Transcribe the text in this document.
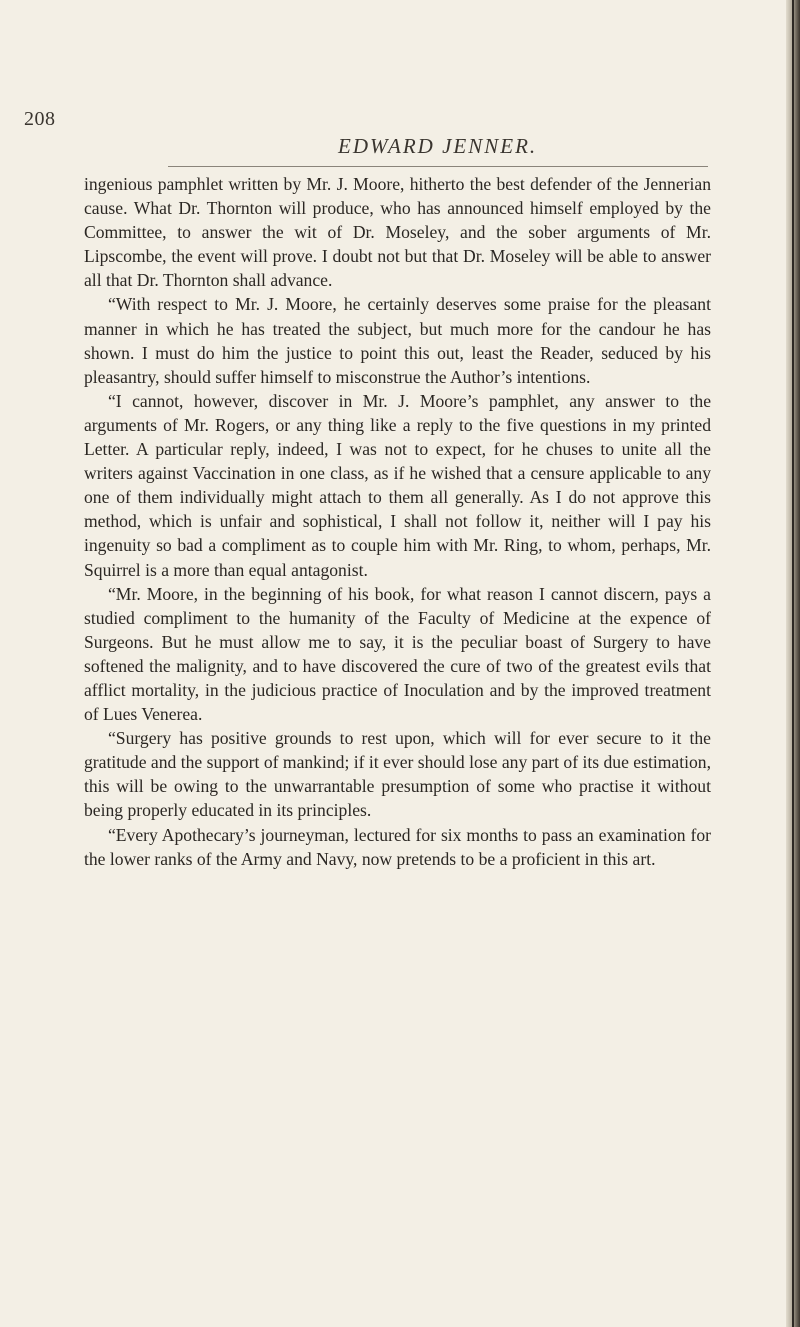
208
EDWARD JENNER.

ingenious pamphlet written by Mr. J. Moore, hitherto the best defender of the Jennerian cause. What Dr. Thornton will produce, who has announced himself employed by the Committee, to answer the wit of Dr. Moseley, and the sober arguments of Mr. Lipscombe, the event will prove. I doubt not but that Dr. Moseley will be able to answer all that Dr. Thornton shall advance.

“With respect to Mr. J. Moore, he certainly deserves some praise for the pleasant manner in which he has treated the subject, but much more for the candour he has shown. I must do him the justice to point this out, least the Reader, seduced by his pleasantry, should suffer himself to misconstrue the Author’s intentions.

“I cannot, however, discover in Mr. J. Moore’s pamphlet, any answer to the arguments of Mr. Rogers, or any thing like a reply to the five questions in my printed Letter. A particular reply, indeed, I was not to expect, for he chuses to unite all the writers against Vaccination in one class, as if he wished that a censure applicable to any one of them individually might attach to them all generally. As I do not approve this method, which is unfair and sophistical, I shall not follow it, neither will I pay his ingenuity so bad a compliment as to couple him with Mr. Ring, to whom, perhaps, Mr. Squirrel is a more than equal antagonist.

“Mr. Moore, in the beginning of his book, for what reason I cannot discern, pays a studied compliment to the humanity of the Faculty of Medicine at the expence of Surgeons. But he must allow me to say, it is the peculiar boast of Surgery to have softened the malignity, and to have discovered the cure of two of the greatest evils that afflict mortality, in the judicious practice of Inoculation and by the improved treatment of Lues Venerea.

“Surgery has positive grounds to rest upon, which will for ever secure to it the gratitude and the support of mankind; if it ever should lose any part of its due estimation, this will be owing to the unwarrantable presumption of some who practise it without being properly educated in its principles.

“Every Apothecary’s journeyman, lectured for six months to pass an examination for the lower ranks of the Army and Navy, now pretends to be a proficient in this art.
